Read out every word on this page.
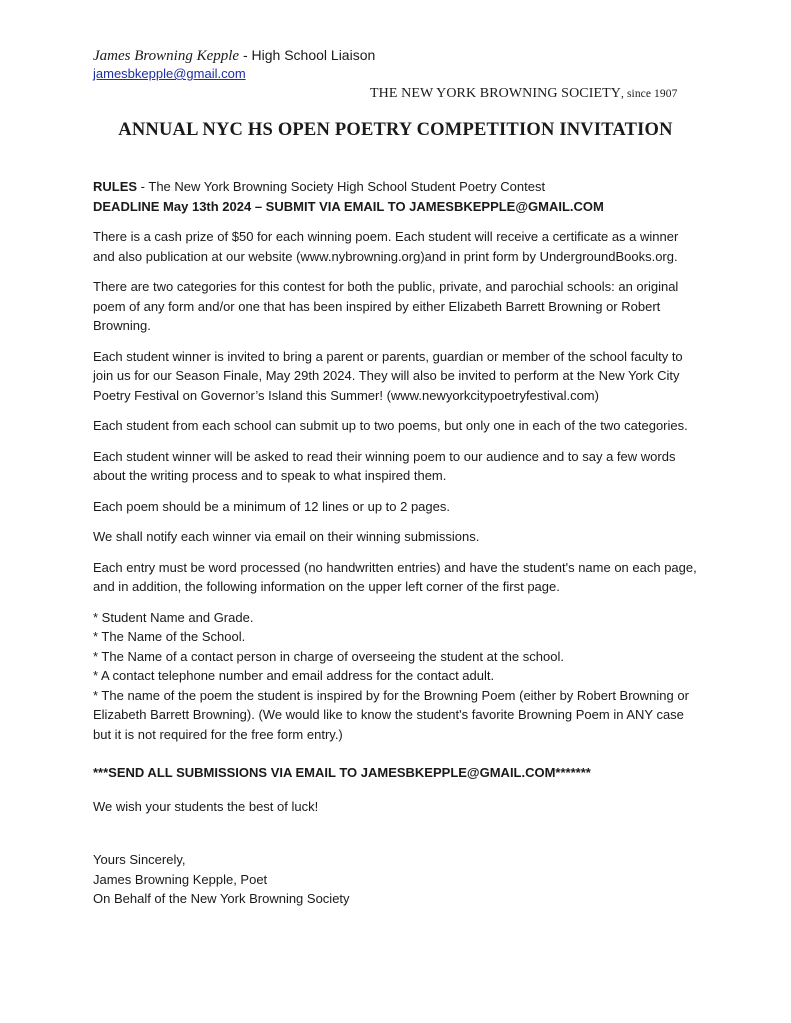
James Browning Kepple - High School Liaison
jamesbkepple@gmail.com
THE NEW YORK BROWNING SOCIETY, since 1907
ANNUAL NYC HS OPEN POETRY COMPETITION INVITATION

RULES - The New York Browning Society High School Student Poetry Contest

DEADLINE May 13th 2024 – SUBMIT VIA EMAIL TO JAMESBKEPPLE@GMAIL.COM

There is a cash prize of $50 for each winning poem. Each student will receive a certificate as a winner
and also publication at our website (www.nybrowning.org)and in print form by UndergroundBooks.org.

There are two categories for this contest for both the public, private, and parochial schools: an original
poem of any form and/or one that has been inspired by either Elizabeth Barrett Browning or Robert
Browning.

Each student winner is invited to bring a parent or parents, guardian or member of the school faculty to
join us for our Season Finale, May 29th 2024. They will also be invited to perform at the New York City
Poetry Festival on Governor’s Island this Summer! (www.newyorkcitypoetryfestival.com)

Each student from each school can submit up to two poems, but only one in each of the two categories.

Each student winner will be asked to read their winning poem to our audience and to say a few words
about the writing process and to speak to what inspired them.

Each poem should be a minimum of 12 lines or up to 2 pages.

We shall notify each winner via email on their winning submissions.

Each entry must be word processed (no handwritten entries) and have the student's name on each page,
and in addition, the following information on the upper left corner of the first page.

* Student Name and Grade.
* The Name of the School.
* The Name of a contact person in charge of overseeing the student at the school.
* A contact telephone number and email address for the contact adult.
* The name of the poem the student is inspired by for the Browning Poem (either by Robert Browning or
Elizabeth Barrett Browning). (We would like to know the student's favorite Browning Poem in ANY case
but it is not required for the free form entry.)

***SEND ALL SUBMISSIONS VIA EMAIL TO JAMESBKEPPLE@GMAIL.COM*******

We wish your students the best of luck!

Yours Sincerely,
James Browning Kepple, Poet
On Behalf of the New York Browning Society
